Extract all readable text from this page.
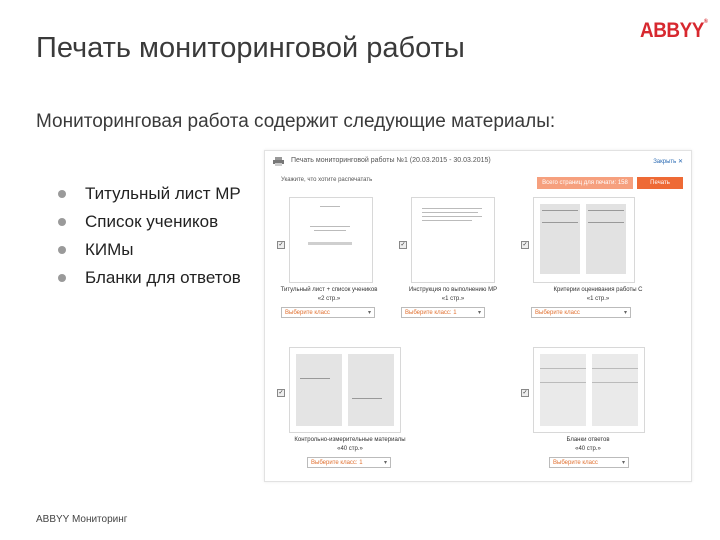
Печать мониторинговой работы
ABBYY®
Мониторинговая работа содержит следующие материалы:
Титульный лист МР
Список учеников
КИМы
Бланки для ответов
Печать мониторинговой работы №1 (20.03.2015 - 30.03.2015)	Закрыть ✕
Укажите, что хотите распечатать	Всего страниц для печати: 158	Печать
✓
Титульный лист + список учеников
«2 стр.»
Выберите класс	▾
✓
Инструкция по выполнению МР
«1 стр.»
Выберите класс: 1	▾
✓
Критерии оценивания работы С
«1 стр.»
Выберите класс	▾
✓
Контрольно-измерительные материалы
«40 стр.»
Выберите класс: 1	▾
✓
Бланки ответов
«40 стр.»
Выберите класс	▾
ABBYY Мониторинг
